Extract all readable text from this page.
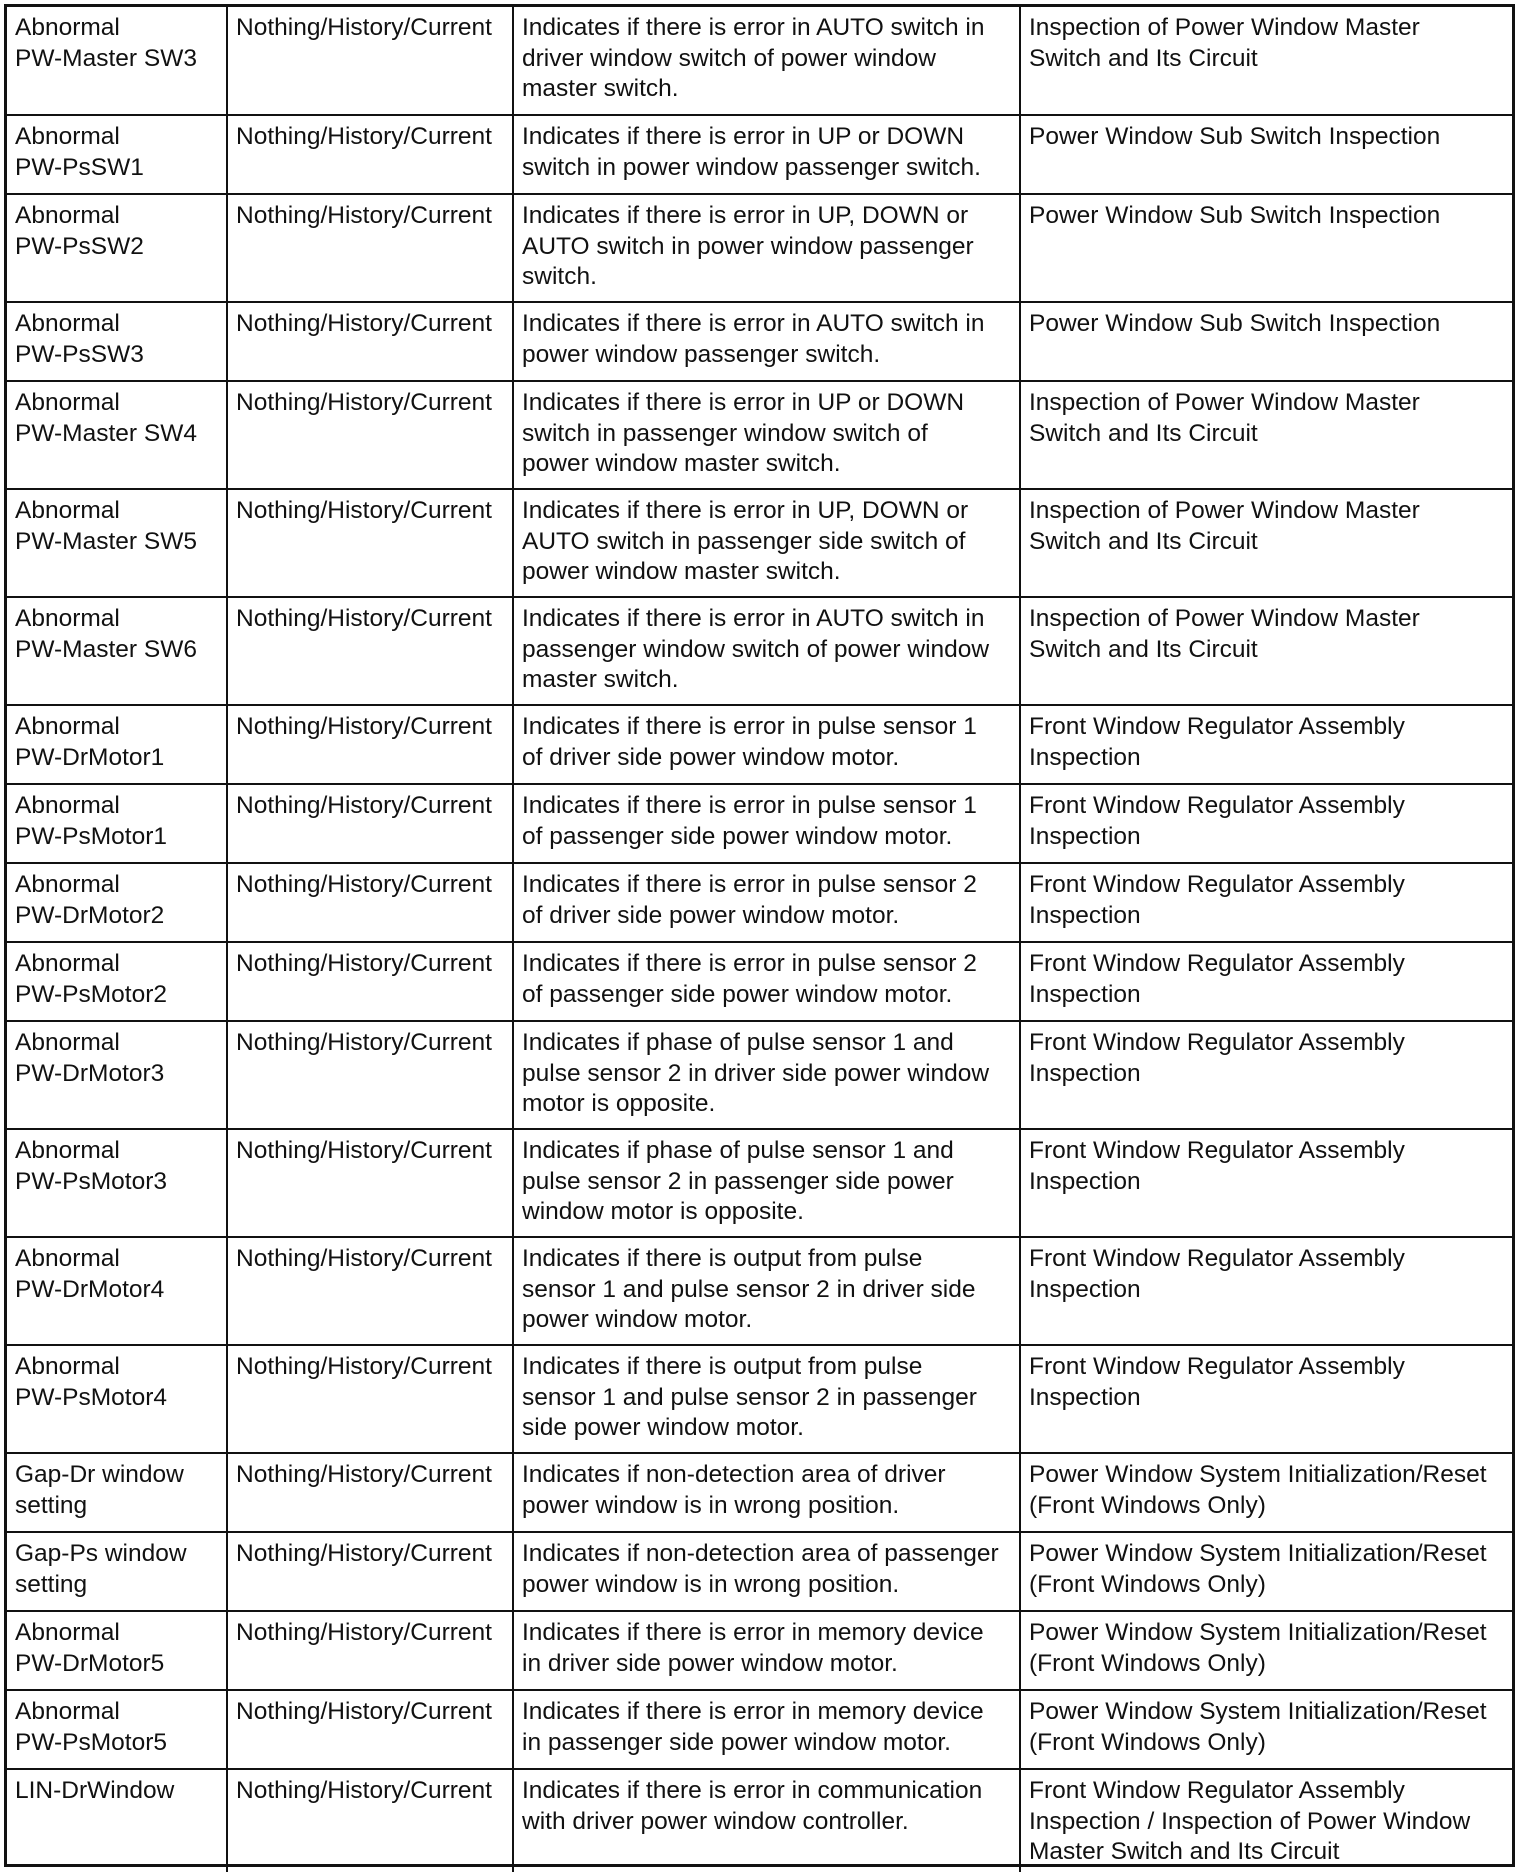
Abnormal
PW-Master SW3	Nothing/History/Current	Indicates if there is error in AUTO switch in
driver window switch of power window
master switch.	Inspection of Power Window Master
Switch and Its Circuit

Abnormal
PW-PsSW1	Nothing/History/Current	Indicates if there is error in UP or DOWN
switch in power window passenger switch.	Power Window Sub Switch Inspection

Abnormal
PW-PsSW2	Nothing/History/Current	Indicates if there is error in UP, DOWN or
AUTO switch in power window passenger
switch.	Power Window Sub Switch Inspection

Abnormal
PW-PsSW3	Nothing/History/Current	Indicates if there is error in AUTO switch in
power window passenger switch.	Power Window Sub Switch Inspection

Abnormal
PW-Master SW4	Nothing/History/Current	Indicates if there is error in UP or DOWN
switch in passenger window switch of
power window master switch.	Inspection of Power Window Master
Switch and Its Circuit

Abnormal
PW-Master SW5	Nothing/History/Current	Indicates if there is error in UP, DOWN or
AUTO switch in passenger side switch of
power window master switch.	Inspection of Power Window Master
Switch and Its Circuit

Abnormal
PW-Master SW6	Nothing/History/Current	Indicates if there is error in AUTO switch in
passenger window switch of power window
master switch.	Inspection of Power Window Master
Switch and Its Circuit

Abnormal
PW-DrMotor1	Nothing/History/Current	Indicates if there is error in pulse sensor 1
of driver side power window motor.	Front Window Regulator Assembly
Inspection

Abnormal
PW-PsMotor1	Nothing/History/Current	Indicates if there is error in pulse sensor 1
of passenger side power window motor.	Front Window Regulator Assembly
Inspection

Abnormal
PW-DrMotor2	Nothing/History/Current	Indicates if there is error in pulse sensor 2
of driver side power window motor.	Front Window Regulator Assembly
Inspection

Abnormal
PW-PsMotor2	Nothing/History/Current	Indicates if there is error in pulse sensor 2
of passenger side power window motor.	Front Window Regulator Assembly
Inspection

Abnormal
PW-DrMotor3	Nothing/History/Current	Indicates if phase of pulse sensor 1 and
pulse sensor 2 in driver side power window
motor is opposite.	Front Window Regulator Assembly
Inspection

Abnormal
PW-PsMotor3	Nothing/History/Current	Indicates if phase of pulse sensor 1 and
pulse sensor 2 in passenger side power
window motor is opposite.	Front Window Regulator Assembly
Inspection

Abnormal
PW-DrMotor4	Nothing/History/Current	Indicates if there is output from pulse
sensor 1 and pulse sensor 2 in driver side
power window motor.	Front Window Regulator Assembly
Inspection

Abnormal
PW-PsMotor4	Nothing/History/Current	Indicates if there is output from pulse
sensor 1 and pulse sensor 2 in passenger
side power window motor.	Front Window Regulator Assembly
Inspection

Gap-Dr window
setting	Nothing/History/Current	Indicates if non-detection area of driver
power window is in wrong position.	Power Window System Initialization/Reset
(Front Windows Only)

Gap-Ps window
setting	Nothing/History/Current	Indicates if non-detection area of passenger
power window is in wrong position.	Power Window System Initialization/Reset
(Front Windows Only)

Abnormal
PW-DrMotor5	Nothing/History/Current	Indicates if there is error in memory device
in driver side power window motor.	Power Window System Initialization/Reset
(Front Windows Only)

Abnormal
PW-PsMotor5	Nothing/History/Current	Indicates if there is error in memory device
in passenger side power window motor.	Power Window System Initialization/Reset
(Front Windows Only)

LIN-DrWindow	Nothing/History/Current	Indicates if there is error in communication
with driver power window controller.	Front Window Regulator Assembly
Inspection / Inspection of Power Window
Master Switch and Its Circuit
